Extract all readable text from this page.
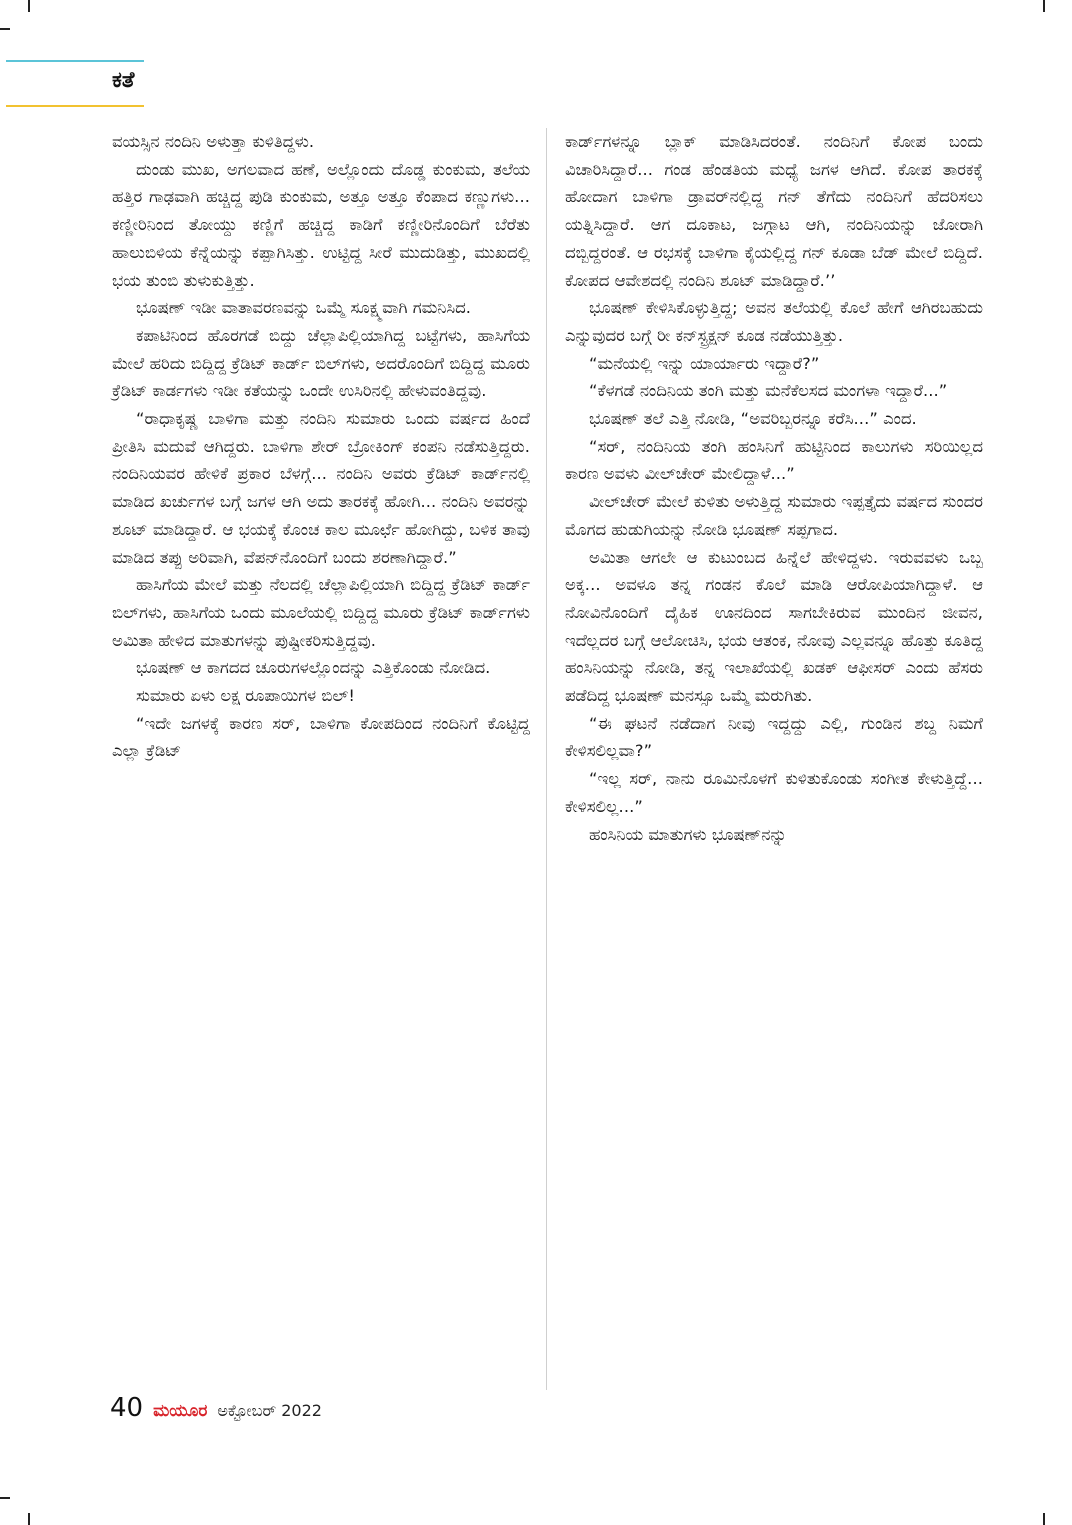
ಕತೆ

ವಯಸ್ಸಿನ ನಂದಿನಿ ಅಳುತ್ತಾ ಕುಳಿತಿದ್ದಳು.

ದುಂಡು ಮುಖ, ಅಗಲವಾದ ಹಣೆ, ಅಲ್ಲೊಂದು ದೊಡ್ಡ ಕುಂಕುಮ, ತಲೆಯ ಹತ್ತಿರ ಗಾಢವಾಗಿ ಹಚ್ಚಿದ್ದ ಪುಡಿ ಕುಂಕುಮ, ಅತ್ತೂ ಅತ್ತೂ ಕೆಂಪಾದ ಕಣ್ಣುಗಳು... ಕಣ್ಣೀರಿನಿಂದ ತೋಯ್ದು ಕಣ್ಣಿಗೆ ಹಚ್ಚಿದ್ದ ಕಾಡಿಗೆ ಕಣ್ಣೀರಿನೊಂದಿಗೆ ಬೆರೆತು ಹಾಲುಬಿಳಿಯ ಕೆನ್ನೆಯನ್ನು ಕಪ್ಪಾಗಿಸಿತ್ತು. ಉಟ್ಟಿದ್ದ ಸೀರೆ ಮುದುಡಿತ್ತು, ಮುಖದಲ್ಲಿ ಭಯ ತುಂಬಿ ತುಳುಕುತ್ತಿತ್ತು.

ಭೂಷಣ್ ಇಡೀ ವಾತಾವರಣವನ್ನು ಒಮ್ಮೆ ಸೂಕ್ಷ್ಮವಾಗಿ ಗಮನಿಸಿದ.

ಕಪಾಟಿನಿಂದ ಹೊರಗಡೆ ಬಿದ್ದು ಚೆಲ್ಲಾಪಿಲ್ಲಿಯಾಗಿದ್ದ ಬಟ್ಟೆಗಳು, ಹಾಸಿಗೆಯ ಮೇಲೆ ಹರಿದು ಬಿದ್ದಿದ್ದ ಕ್ರೆಡಿಟ್ ಕಾರ್ಡ್ ಬಿಲ್‌ಗಳು, ಅದರೊಂದಿಗೆ ಬಿದ್ದಿದ್ದ ಮೂರು ಕ್ರೆಡಿಟ್ ಕಾರ್ಡಗಳು ಇಡೀ ಕತೆಯನ್ನು ಒಂದೇ ಉಸಿರಿನಲ್ಲಿ ಹೇಳುವಂತಿದ್ದವು.

“ರಾಧಾಕೃಷ್ಣ ಬಾಳಿಗಾ ಮತ್ತು ನಂದಿನಿ ಸುಮಾರು ಒಂದು ವರ್ಷದ ಹಿಂದೆ ಪ್ರೀತಿಸಿ ಮದುವೆ ಆಗಿದ್ದರು. ಬಾಳಿಗಾ ಶೇರ್ ಬ್ರೋಕಿಂಗ್ ಕಂಪನಿ ನಡೆಸುತ್ತಿದ್ದರು. ನಂದಿನಿಯವರ ಹೇಳಿಕೆ ಪ್ರಕಾರ ಬೆಳಗ್ಗೆ... ನಂದಿನಿ ಅವರು ಕ್ರೆಡಿಟ್ ಕಾರ್ಡ್‌ನಲ್ಲಿ ಮಾಡಿದ ಖರ್ಚುಗಳ ಬಗ್ಗೆ ಜಗಳ ಆಗಿ ಅದು ತಾರಕಕ್ಕೆ ಹೋಗಿ... ನಂದಿನಿ ಅವರನ್ನು ಶೂಟ್ ಮಾಡಿದ್ದಾರೆ. ಆ ಭಯಕ್ಕೆ ಕೊಂಚ ಕಾಲ ಮೂರ್ಛೆ ಹೋಗಿದ್ದು, ಬಳಿಕ ತಾವು ಮಾಡಿದ ತಪ್ಪು ಅರಿವಾಗಿ, ವೆಪನ್‌ನೊಂದಿಗೆ ಬಂದು ಶರಣಾಗಿದ್ದಾರೆ.”

ಹಾಸಿಗೆಯ ಮೇಲೆ ಮತ್ತು ನೆಲದಲ್ಲಿ ಚೆಲ್ಲಾಪಿಲ್ಲಿಯಾಗಿ ಬಿದ್ದಿದ್ದ ಕ್ರೆಡಿಟ್ ಕಾರ್ಡ್ ಬಿಲ್‌ಗಳು, ಹಾಸಿಗೆಯ ಒಂದು ಮೂಲೆಯಲ್ಲಿ ಬಿದ್ದಿದ್ದ ಮೂರು ಕ್ರೆಡಿಟ್ ಕಾರ್ಡ್‌ಗಳು ಅಮಿತಾ ಹೇಳಿದ ಮಾತುಗಳನ್ನು ಪುಷ್ಟೀಕರಿಸುತ್ತಿದ್ದವು.

ಭೂಷಣ್ ಆ ಕಾಗದದ ಚೂರುಗಳಲ್ಲೊಂದನ್ನು ಎತ್ತಿಕೊಂಡು ನೋಡಿದ.

ಸುಮಾರು ಏಳು ಲಕ್ಷ ರೂಪಾಯಿಗಳ ಬಿಲ್!

“ಇದೇ ಜಗಳಕ್ಕೆ ಕಾರಣ ಸರ್, ಬಾಳಿಗಾ ಕೋಪದಿಂದ ನಂದಿನಿಗೆ ಕೊಟ್ಟಿದ್ದ ಎಲ್ಲಾ ಕ್ರೆಡಿಟ್

ಕಾರ್ಡ್‌ಗಳನ್ನೂ ಬ್ಲಾಕ್ ಮಾಡಿಸಿದರಂತೆ. ನಂದಿನಿಗೆ ಕೋಪ ಬಂದು ವಿಚಾರಿಸಿದ್ದಾರೆ... ಗಂಡ ಹೆಂಡತಿಯ ಮಧ್ಯೆ ಜಗಳ ಆಗಿದೆ. ಕೋಪ ತಾರಕಕ್ಕೆ ಹೋದಾಗ ಬಾಳಿಗಾ ಡ್ರಾವರ್‌ನಲ್ಲಿದ್ದ ಗನ್ ತೆಗೆದು ನಂದಿನಿಗೆ ಹೆದರಿಸಲು ಯತ್ನಿಸಿದ್ದಾರೆ. ಆಗ ದೂಕಾಟ, ಜಗ್ಗಾಟ ಆಗಿ, ನಂದಿನಿಯನ್ನು ಜೋರಾಗಿ ದಬ್ಬಿದ್ದರಂತೆ. ಆ ರಭಸಕ್ಕೆ ಬಾಳಿಗಾ ಕೈಯಲ್ಲಿದ್ದ ಗನ್ ಕೂಡಾ ಬೆಡ್ ಮೇಲೆ ಬಿದ್ದಿದೆ. ಕೋಪದ ಆವೇಶದಲ್ಲಿ ನಂದಿನಿ ಶೂಟ್ ಮಾಡಿದ್ದಾರೆ.’’

ಭೂಷಣ್ ಕೇಳಿಸಿಕೊಳ್ಳುತ್ತಿದ್ದ; ಅವನ ತಲೆಯಲ್ಲಿ ಕೊಲೆ ಹೇಗೆ ಆಗಿರಬಹುದು ಎನ್ನುವುದರ ಬಗ್ಗೆ ರೀ ಕನ್‌ಸ್ಟ್ರಕ್ಷನ್ ಕೂಡ ನಡೆಯುತ್ತಿತ್ತು.

“ಮನೆಯಲ್ಲಿ ಇನ್ನು ಯಾರ್ಯಾರು ಇದ್ದಾರೆ?”

“ಕೆಳಗಡೆ ನಂದಿನಿಯ ತಂಗಿ ಮತ್ತು ಮನೆಕೆಲಸದ ಮಂಗಳಾ ಇದ್ದಾರೆ...”

ಭೂಷಣ್ ತಲೆ ಎತ್ತಿ ನೋಡಿ, “ಅವರಿಬ್ಬರನ್ನೂ ಕರೆಸಿ...” ಎಂದ.

“ಸರ್, ನಂದಿನಿಯ ತಂಗಿ ಹಂಸಿನಿಗೆ ಹುಟ್ಟಿನಿಂದ ಕಾಲುಗಳು ಸರಿಯಿಲ್ಲದ ಕಾರಣ ಅವಳು ವೀಲ್‌ಚೇರ್ ಮೇಲಿದ್ದಾಳೆ...”

ವೀಲ್‌ಚೇರ್ ಮೇಲೆ ಕುಳಿತು ಅಳುತ್ತಿದ್ದ ಸುಮಾರು ಇಪ್ಪತ್ತೈದು ವರ್ಷದ ಸುಂದರ ಮೊಗದ ಹುಡುಗಿಯನ್ನು ನೋಡಿ ಭೂಷಣ್ ಸಪ್ಪಗಾದ.

ಅಮಿತಾ ಆಗಲೇ ಆ ಕುಟುಂಬದ ಹಿನ್ನೆಲೆ ಹೇಳಿದ್ದಳು. ಇರುವವಳು ಒಬ್ಬ ಅಕ್ಕ... ಅವಳೂ ತನ್ನ ಗಂಡನ ಕೊಲೆ ಮಾಡಿ ಆರೋಪಿಯಾಗಿದ್ದಾಳೆ. ಆ ನೋವಿನೊಂದಿಗೆ ದೈಹಿಕ ಊನದಿಂದ ಸಾಗಬೇಕಿರುವ ಮುಂದಿನ ಜೀವನ, ಇದೆಲ್ಲದರ ಬಗ್ಗೆ ಆಲೋಚಿಸಿ, ಭಯ ಆತಂಕ, ನೋವು ಎಲ್ಲವನ್ನೂ ಹೊತ್ತು ಕೂತಿದ್ದ ಹಂಸಿನಿಯನ್ನು ನೋಡಿ, ತನ್ನ ಇಲಾಖೆಯಲ್ಲಿ ಖಡಕ್ ಆಫೀಸರ್ ಎಂದು ಹೆಸರು ಪಡೆದಿದ್ದ ಭೂಷಣ್ ಮನಸ್ಸೂ ಒಮ್ಮೆ ಮರುಗಿತು.

“ಈ ಘಟನೆ ನಡೆದಾಗ ನೀವು ಇದ್ದದ್ದು ಎಲ್ಲಿ, ಗುಂಡಿನ ಶಬ್ದ ನಿಮಗೆ ಕೇಳಿಸಲಿಲ್ಲವಾ?”

“ಇಲ್ಲ ಸರ್, ನಾನು ರೂಮಿನೊಳಗೆ ಕುಳಿತುಕೊಂಡು ಸಂಗೀತ ಕೇಳುತ್ತಿದ್ದೆ... ಕೇಳಿಸಲಿಲ್ಲ...”

ಹಂಸಿನಿಯ ಮಾತುಗಳು ಭೂಷಣ್‌ನನ್ನು

40 ಮಯೂರ ಅಕ್ಟೋಬರ್ 2022
